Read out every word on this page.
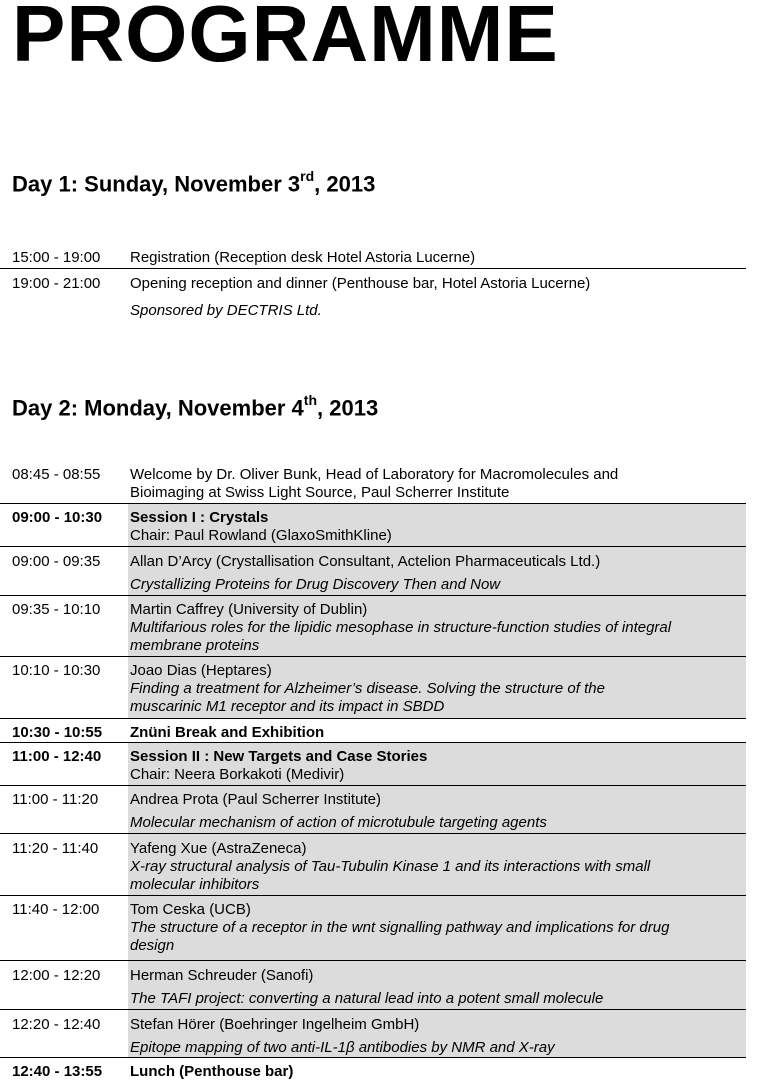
PROGRAMME
Day 1: Sunday, November 3rd, 2013
15:00 - 19:00 Registration (Reception desk Hotel Astoria Lucerne)
19:00 - 21:00 Opening reception and dinner (Penthouse bar, Hotel Astoria Lucerne)
Sponsored by DECTRIS Ltd.
Day 2: Monday, November 4th, 2013
08:45 - 08:55 Welcome by Dr. Oliver Bunk, Head of Laboratory for Macromolecules and
Bioimaging at Swiss Light Source, Paul Scherrer Institute
09:00 - 10:30 Session I : Crystals
Chair: Paul Rowland (GlaxoSmithKline)
09:00 - 09:35 Allan D’Arcy (Crystallisation Consultant, Actelion Pharmaceuticals Ltd.)
Crystallizing Proteins for Drug Discovery Then and Now
09:35 - 10:10 Martin Caffrey (University of Dublin)
Multifarious roles for the lipidic mesophase in structure-function studies of integral
membrane proteins
10:10 - 10:30 Joao Dias (Heptares)
Finding a treatment for Alzheimer’s disease. Solving the structure of the
muscarinic M1 receptor and its impact in SBDD
10:30 - 10:55 Znüni Break and Exhibition
11:00 - 12:40 Session II : New Targets and Case Stories
Chair: Neera Borkakoti (Medivir)
11:00 - 11:20 Andrea Prota (Paul Scherrer Institute)
Molecular mechanism of action of microtubule targeting agents
11:20 - 11:40 Yafeng Xue (AstraZeneca)
X-ray structural analysis of Tau-Tubulin Kinase 1 and its interactions with small
molecular inhibitors
11:40 - 12:00 Tom Ceska (UCB)
The structure of a receptor in the wnt signalling pathway and implications for drug
design
12:00 - 12:20 Herman Schreuder (Sanofi)
The TAFI project: converting a natural lead into a potent small molecule
12:20 - 12:40 Stefan Hörer (Boehringer Ingelheim GmbH)
Epitope mapping of two anti-IL-1β antibodies by NMR and X-ray
12:40 - 13:55 Lunch (Penthouse bar)
